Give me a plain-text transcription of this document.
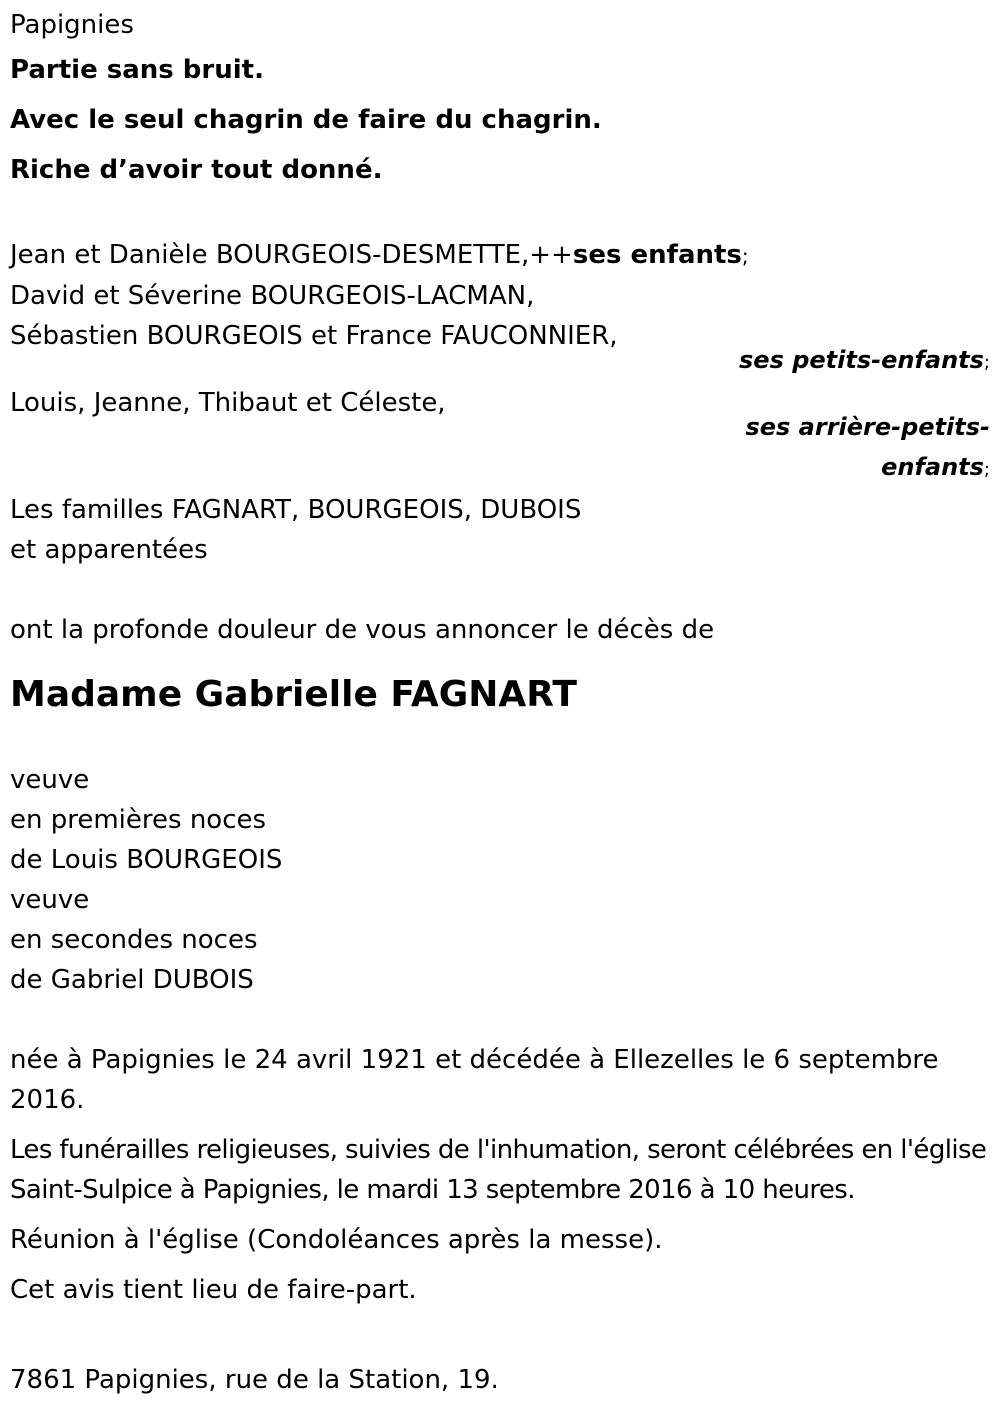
Papignies
Partie sans bruit.
Avec le seul chagrin de faire du chagrin.
Riche d’avoir tout donné.
Jean et Danièle BOURGEOIS-DESMETTE,++ses enfants;
David et Séverine BOURGEOIS-LACMAN,
Sébastien BOURGEOIS et France FAUCONNIER,
ses petits-enfants;
Louis, Jeanne, Thibaut et Céleste,
ses arrière-petits-
enfants;
Les familles FAGNART, BOURGEOIS, DUBOIS
et apparentées
ont la profonde douleur de vous annoncer le décès de
Madame Gabrielle FAGNART
veuve
en premières noces
de Louis BOURGEOIS
veuve
en secondes noces
de Gabriel DUBOIS
née à Papignies le 24 avril 1921 et décédée à Ellezelles le 6 septembre 2016.
Les funérailles religieuses, suivies de l'inhumation, seront célébrées en l'église Saint-Sulpice à Papignies, le mardi 13 septembre 2016 à 10 heures.
Réunion à l'église (Condoléances après la messe).
Cet avis tient lieu de faire-part.
7861 Papignies, rue de la Station, 19.
